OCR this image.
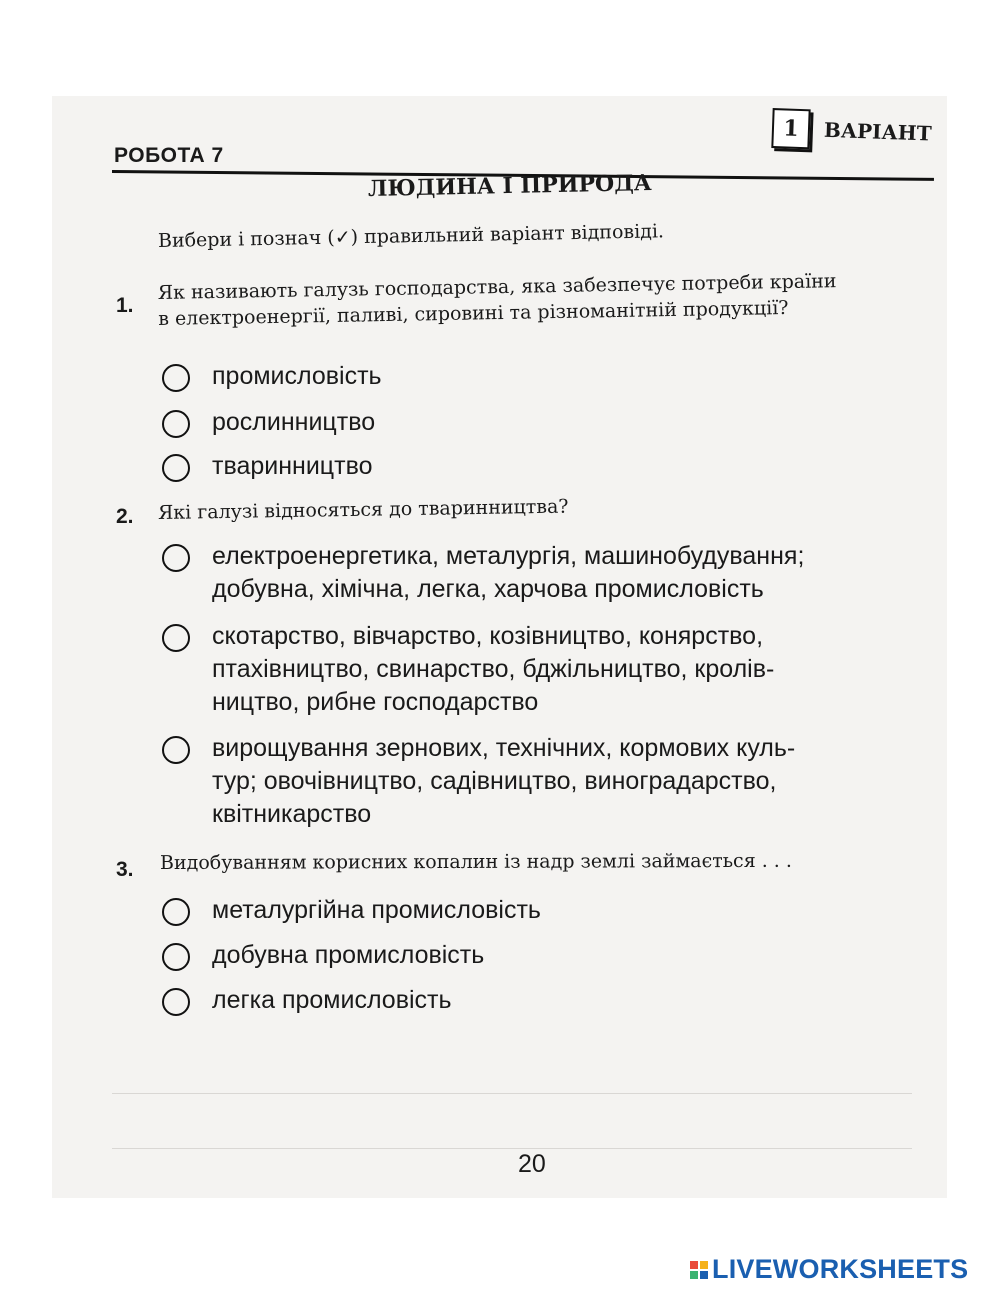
РОБОТА 7
1	ВАРІАНТ
ЛЮДИНА І ПРИРОДА
Вибери і познач (✓) правильний варіант відповіді.
1.
Як називають галузь господарства, яка забезпечує потреби країни
в електроенергії, паливі, сировині та різноманітній продукції?
промисловість
рослинництво
тваринництво
2. Які галузі відносяться до тваринництва?
електроенергетика, металургія, машинобудування;
добувна, хімічна, легка, харчова промисловість
скотарство, вівчарство, козівництво, конярство,
птахівництво, свинарство, бджільництво, кролів-
ництво, рибне господарство
вирощування зернових, технічних, кормових куль-
тур; овочівництво, садівництво, виноградарство,
квітникарство
3. Видобуванням корисних копалин із надр землі займається . . .
металургійна промисловість
добувна промисловість
легка промисловість
20
LIVEWORKSHEETS
